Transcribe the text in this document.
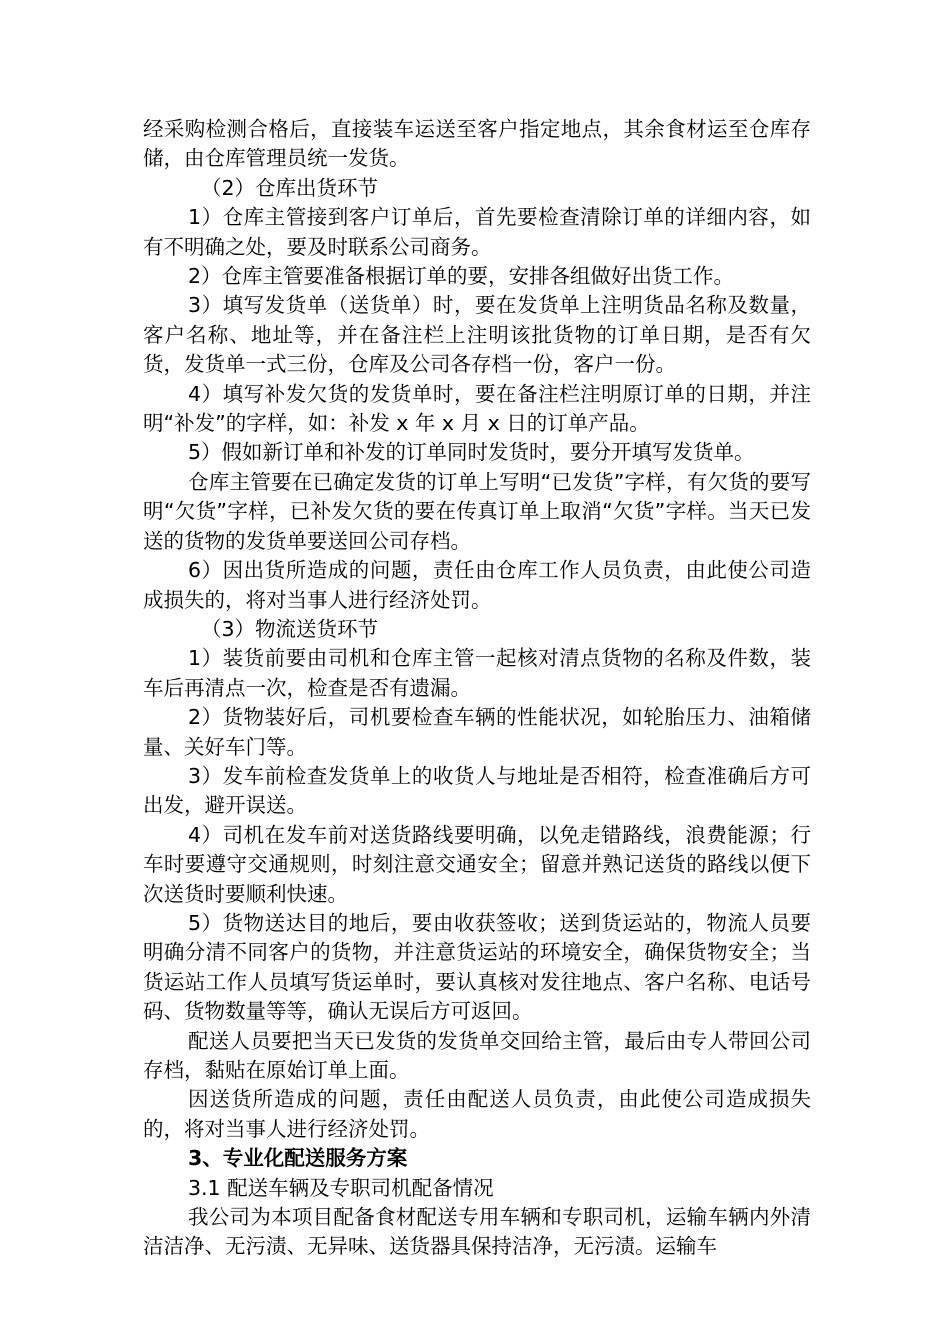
经采购检测合格后，直接装车运送至客户指定地点，其余食材运至仓库存储，由仓库管理员统一发货。

（2）仓库出货环节

1）仓库主管接到客户订单后，首先要检查清除订单的详细内容，如有不明确之处，要及时联系公司商务。

2）仓库主管要准备根据订单的要，安排各组做好出货工作。

3）填写发货单（送货单）时，要在发货单上注明货品名称及数量，客户名称、地址等，并在备注栏上注明该批货物的订单日期，是否有欠货，发货单一式三份，仓库及公司各存档一份，客户一份。

4）填写补发欠货的发货单时，要在备注栏注明原订单的日期，并注明“补发”的字样，如：补发 x 年 x 月 x 日的订单产品。

5）假如新订单和补发的订单同时发货时，要分开填写发货单。

仓库主管要在已确定发货的订单上写明“已发货”字样，有欠货的要写明“欠货”字样，已补发欠货的要在传真订单上取消“欠货”字样。当天已发送的货物的发货单要送回公司存档。

6）因出货所造成的问题，责任由仓库工作人员负责，由此使公司造成损失的，将对当事人进行经济处罚。

（3）物流送货环节

1）装货前要由司机和仓库主管一起核对清点货物的名称及件数，装车后再清点一次，检查是否有遗漏。

2）货物装好后，司机要检查车辆的性能状况，如轮胎压力、油箱储量、关好车门等。

3）发车前检查发货单上的收货人与地址是否相符，检查准确后方可出发，避开误送。

4）司机在发车前对送货路线要明确，以免走错路线，浪费能源；行车时要遵守交通规则，时刻注意交通安全；留意并熟记送货的路线以便下次送货时要顺利快速。

5）货物送达目的地后，要由收获签收；送到货运站的，物流人员要明确分清不同客户的货物，并注意货运站的环境安全，确保货物安全；当货运站工作人员填写货运单时，要认真核对发往地点、客户名称、电话号码、货物数量等等，确认无误后方可返回。

配送人员要把当天已发货的发货单交回给主管，最后由专人带回公司存档，黏贴在原始订单上面。

因送货所造成的问题，责任由配送人员负责，由此使公司造成损失的，将对当事人进行经济处罚。

3、专业化配送服务方案

3.1 配送车辆及专职司机配备情况

我公司为本项目配备食材配送专用车辆和专职司机，运输车辆内外清洁洁净、无污渍、无异味、送货器具保持洁净，无污渍。运输车
